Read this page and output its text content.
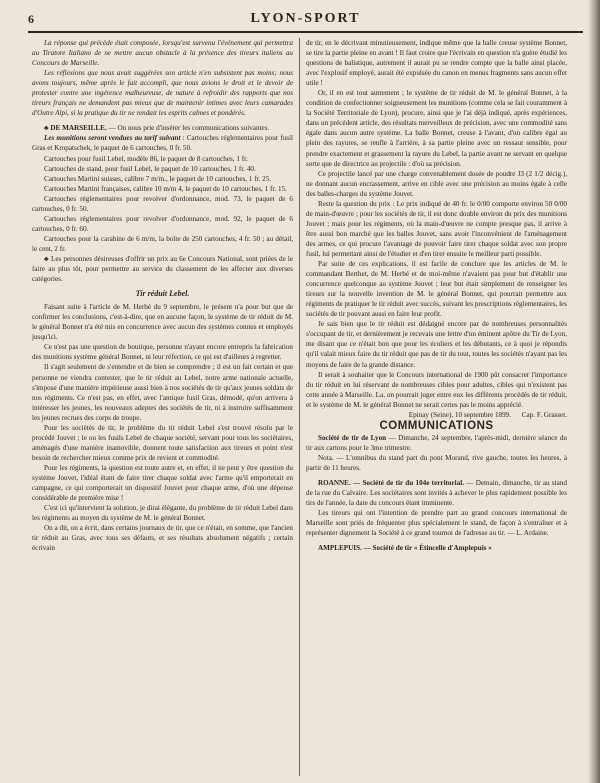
6	LYON-SPORT

La réponse qui précède était composée, lorsqu'est survenu l'événement qui permettra au Tiratore Italiano de ne mettre aucun obstacle à la présence des tireurs italiens au Concours de Marseille.

Les réflexions que nous avait suggérées son article n'en subsistent pas moins; nous avons toujours, même après le fait accompli, que nous avions le droit et le devoir de protester contre une ingérence malheureuse, de nature à refroidir des rapports que nos tireurs français ne demandent pas mieux que de maintenir intimes avec leurs camarades d'Outre Alpi, si la pratique du tir ne rendait les esprits calmes et pondérés.

♣ DE MARSEILLE. — On nous prie d'insérer les communications suivantes.

Les munitions seront vendues au tarif suivant : Cartouches réglementaires pour fusil Gras et Kropatschek, le paquet de 6 cartouches, 0 fr. 50.

Cartouches pour fusil Lebel, modèle 86, le paquet de 8 cartouches, 1 fr.

Cartouches de stand, pour fusil Lebel, le paquet de 10 cartouches, 1 fr. 40.

Cartouches Martini suisses, calibre 7 m/m., le paquet de 10 cartouches, 1 fr. 25.

Cartouches Martini françaises, calibre 10 m/m 4, le paquet de 10 cartouches, 1 fr. 15.

Cartouches réglementaires pour revolver d'ordonnance, mod. 73, le paquet de 6 cartouches, 0 fr. 50.

Cartouches réglementaires pour revolver d'ordonnance, mod. 92, le paquet de 6 cartouches, 0 fr. 60.

Cartouches pour la carabine de 6 m/m, la boîte de 250 cartouches, 4 fr. 50 ; au détail, le cent, 2 fr.

♣ Les personnes désireuses d'offrir un prix au 6e Concours National, sont priées de le faire au plus tôt, pour permettre au service du classement de les affecter aux diverses catégories.

Tir réduit Lebel.

Faisant suite à l'article de M. Herbé du 9 septembre, le présent n'a pour but que de confirmer les conclusions, c'est-à-dire, que en aucune façon, le système de tir réduit de M. le général Bonnet n'a été mis en concurrence avec aucun des systèmes connus et employés jusqu'ici.

Ce n'est pas une question de boutique, personne n'ayant encore entrepris la fabrication des munitions système général Bonnet, ni leur réfection, ce qui est d'ailleurs à regretter.

Il s'agit seulement de s'entendre et de bien se comprendre ; il est un fait certain et que personne ne viendra contester, que le tir réduit au Lebel, notre arme nationale actuelle, s'impose d'une manière impérieuse aussi bien à nos sociétés de tir qu'aux jeunes soldats de nos régiments. Ce n'est pas, en effet, avec l'antique fusil Gras, démodé, qu'on arrivera à intéresser les jeunes, les nouveaux adeptes des sociétés de tir, ni à instruire suffisamment les jeunes recrues des corps de troupe.

Pour les sociétés de tir, le problème du tir réduit Lebel s'est trouvé résolu par le procédé Jouvet ; le ou les fusils Lebel de chaque société, servant pour tous les sociétaires, aménagés d'une manière inamovible, donnent toute satisfaction aux tireurs et point n'est besoin de rechercher mieux comme prix de revient et commodité.

Pour les régiments, la question est toute autre et, en effet, il ne peut y être question du système Jouvet, l'idéal étant de faire tirer chaque soldat avec l'arme qu'il emporterait en campagne, ce qui comporterait un dispositif Jouvet pour chaque arme, d'où une dépense considérable de première mise !

C'est ici qu'intervient la solution, je dirai élégante, du problème de tir réduit Lebel dans les régiments au moyen du système de M. le général Bonnet.

On a dit, on a écrit, dans certains journaux de tir, que ce n'était, en somme, que l'ancien tir réduit au Gras, avec tous ses défauts, et ses résultats absolument négatifs ; certain écrivain

de tir, en le décrivant minutieusement, indique même que la balle creuse système Bonnet, se tire la partie pleine en avant ! Il faut croire que l'écrivain en question n'a guère étudié les questions de balistique, autrement il aurait pu se rendre compte que la balle ainsi placée, avec l'explosif employé, aurait été expulsée du canon en menus fragments sans aucun effet utile !

Or, il en est tout autrement ; le système de tir réduit de M. le général Bonnet, à la condition de confectionner soigneusement les munitions (comme cela se fait couramment à la Société Territoriale de Lyon), procure, ainsi que je l'ai déjà indiqué, après expériences, dans un précédent article, des résultats merveilleux de précision, avec une commodité sans égale dans aucun autre système. La balle Bonnet, creuse à l'avant, d'un calibre égal au plein des rayures, se renfle à l'arrière, à sa partie pleine avec un ressaut sensible, pour prendre exactement et grassement la rayure du Lebel, la partie avant ne servant en quelque sorte que de directrice au projectile : d'où sa précision.

Ce projectile lancé par une charge convenablement dosée de poudre J3 (2 1/2 décig.), ne donnant aucun encrassement, arrive en cible avec une précision au moins égale à celle des balles-charges du système Jouvet.

Reste la question du prix : Le prix indiqué de 40 fr. le 0/00 comporte environ 50 0/00 de main-d'œuvre ; pour les sociétés de tir, il est donc double environ du prix des munitions Jouvet ; mais pour les régiments, où la main-d'œuvre ne compte presque pas, il arrive à être aussi bon marché que les balles Jouvet, sans avoir l'inconvénient de l'aménagement des armes, ce qui procure l'avantage de pouvoir faire tirer chaque soldat avec son propre fusil, lui permettant ainsi de l'étudier et d'en tirer ensuite le meilleur parti possible.

Par suite de ces explications, il est facile de conclure que les articles de M. le commandant Berthet, de M. Herbé et de moi-même n'avaient pas pour but d'établir une concurrence quelconque au système Jouvet ; leur but était simplement de renseigner les tireurs sur la nouvelle invention de M. le général Bonnet, qui pourrait permettre aux régiments de pratiquer le tir réduit avec succès, suivant les prescriptions réglementaires, les sociétés de tir pouvant aussi en faire leur profit.

Je sais bien que le tir réduit est dédaigné encore par de nombreuses personnalités s'occupant de tir, et dernièrement je recevais une lettre d'un éminent apôtre du Tir de Lyon, me disant que ce n'était bon que pour les écoliers et les débutants, ce à quoi je répondis qu'il valait mieux faire du tir réduit que pas de tir du tout, toutes les sociétés n'ayant pas les moyens de faire de la grande distance.

Il serait à souhaiter que le Concours international de 1900 pût consacrer l'importance du tir réduit en lui réservant de nombreuses cibles pour adultes, cibles qui n'existent pas cette année à Marseille. La, on pourrait juger entre eux les différents procédés de tir réduit, et le système de M. le général Bonnet ne serait certes pas le moins apprécié.

Epinay (Seine), 10 septembre 1899. Cap. F. Grasset.

COMMUNICATIONS

Société de tir de Lyon — Dimanche, 24 septembre, l'après-midi, dernière séance du tir aux cartons pour le 3me trimestre.

Nota. — L'omnibus du stand part du pont Morand, rive gauche, toutes les heures, à partir de 11 heures.

ROANNE. — Société de tir du 104e territorial. — Demain, dimanche, tir au stand de la rue du Calvaire. Les sociétaires sont invités à achever le plus rapidement possible les tirs de l'année, la date du concours étant imminente.

Les tireurs qui ont l'intention de prendre part au grand concours international de Marseille sont priés de fréquenter plus spécialement le stand, de façon à s'entraîner et à représenter dignement la Société à ce grand tournoi de l'adresse au tir. — L. Ardaine.

AMPLEPUIS. — Société de tir « Étincelle d'Amplepuis »
